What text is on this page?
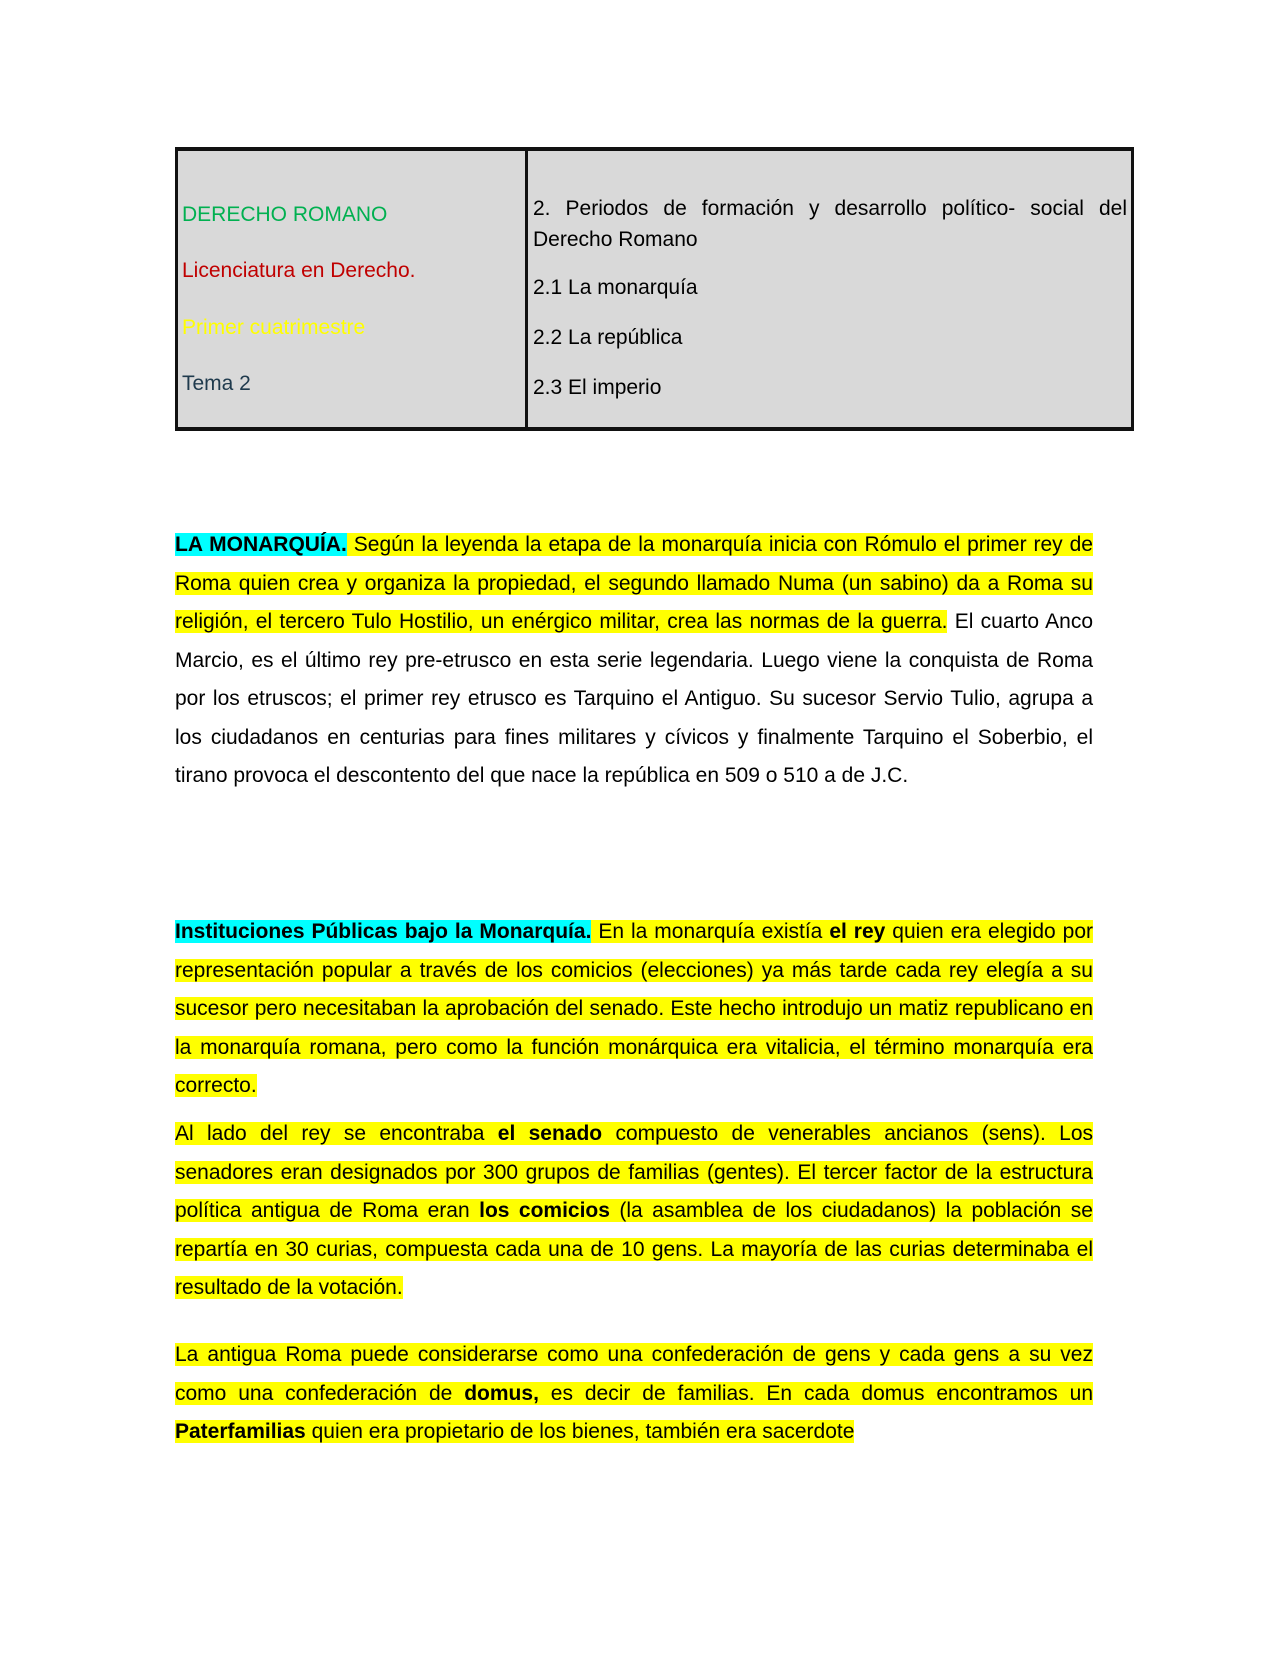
DERECHO ROMANO
Licenciatura en Derecho.
Primer cuatrimestre
Tema 2
2. Periodos de formación y desarrollo político- social del
Derecho Romano
2.1 La monarquía
2.2 La república
2.3 El imperio

LA MONARQUÍA. Según la leyenda la etapa de la monarquía inicia con Rómulo el primer rey de Roma quien crea y organiza la propiedad, el segundo llamado Numa (un sabino) da a Roma su religión, el tercero Tulo Hostilio, un enérgico militar, crea las normas de la guerra. El cuarto Anco Marcio, es el último rey pre-etrusco en esta serie legendaria. Luego viene la conquista de Roma por los etruscos; el primer rey etrusco es Tarquino el Antiguo. Su sucesor Servio Tulio, agrupa a los ciudadanos en centurias para fines militares y cívicos y finalmente Tarquino el Soberbio, el tirano provoca el descontento del que nace la república en 509 o 510 a de J.C.

Instituciones Públicas bajo la Monarquía. En la monarquía existía el rey quien era elegido por representación popular a través de los comicios (elecciones) ya más tarde cada rey elegía a su sucesor pero necesitaban la aprobación del senado. Este hecho introdujo un matiz republicano en la monarquía romana, pero como la función monárquica era vitalicia, el término monarquía era correcto.

Al lado del rey se encontraba el senado compuesto de venerables ancianos (sens). Los senadores eran designados por 300 grupos de familias (gentes). El tercer factor de la estructura política antigua de Roma eran los comicios (la asamblea de los ciudadanos) la población se repartía en 30 curias, compuesta cada una de 10 gens. La mayoría de las curias determinaba el resultado de la votación.

La antigua Roma puede considerarse como una confederación de gens y cada gens a su vez como una confederación de domus, es decir de familias. En cada domus encontramos un Paterfamilias quien era propietario de los bienes, también era sacerdote
